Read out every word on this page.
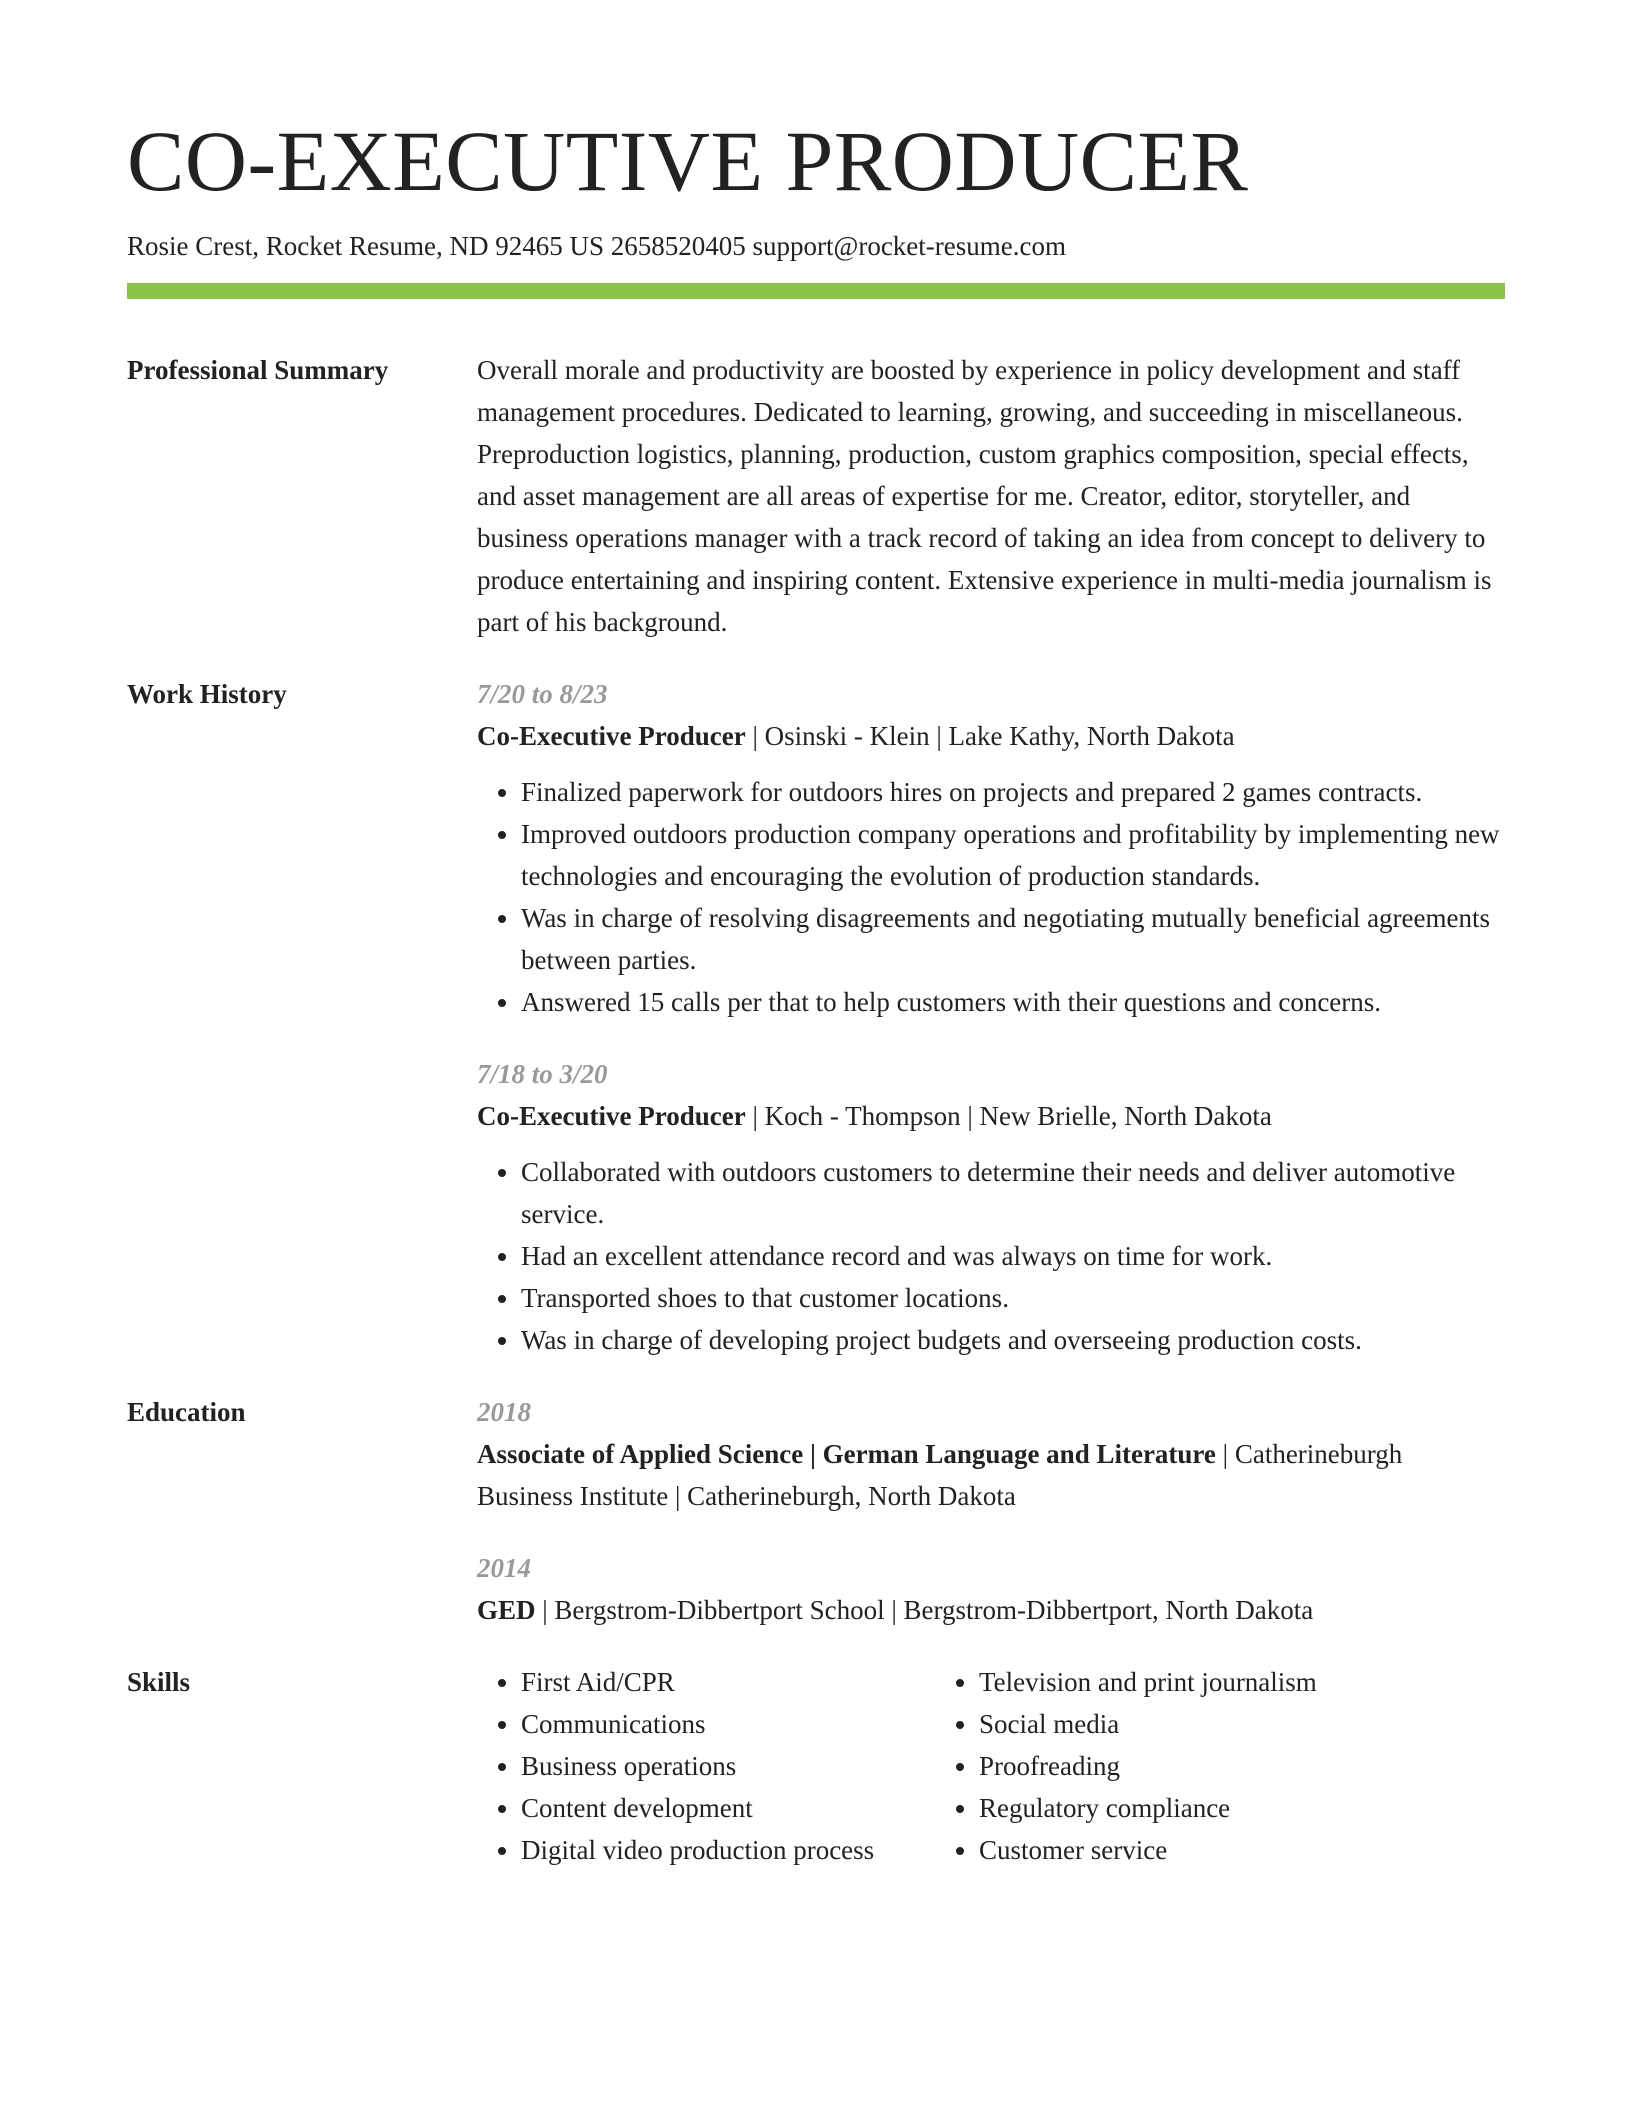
CO-EXECUTIVE PRODUCER
Rosie Crest, Rocket Resume, ND 92465 US 2658520405 support@rocket-resume.com
Professional Summary	Overall morale and productivity are boosted by experience in policy development and staff management procedures. Dedicated to learning, growing, and succeeding in miscellaneous. Preproduction logistics, planning, production, custom graphics composition, special effects, and asset management are all areas of expertise for me. Creator, editor, storyteller, and business operations manager with a track record of taking an idea from concept to delivery to produce entertaining and inspiring content. Extensive experience in multi-media journalism is part of his background.
Work History	7/20 to 8/23
Co-Executive Producer | Osinski - Klein | Lake Kathy, North Dakota
• Finalized paperwork for outdoors hires on projects and prepared 2 games contracts.
• Improved outdoors production company operations and profitability by implementing new technologies and encouraging the evolution of production standards.
• Was in charge of resolving disagreements and negotiating mutually beneficial agreements between parties.
• Answered 15 calls per that to help customers with their questions and concerns.
7/18 to 3/20
Co-Executive Producer | Koch - Thompson | New Brielle, North Dakota
• Collaborated with outdoors customers to determine their needs and deliver automotive service.
• Had an excellent attendance record and was always on time for work.
• Transported shoes to that customer locations.
• Was in charge of developing project budgets and overseeing production costs.
Education	2018
Associate of Applied Science | German Language and Literature | Catherineburgh Business Institute | Catherineburgh, North Dakota
2014
GED | Bergstrom-Dibbertport School | Bergstrom-Dibbertport, North Dakota
Skills
•	First Aid/CPR
• Communications
• Business operations
• Content development
• Digital video production process
• Television and print journalism
• Social media
• Proofreading
• Regulatory compliance
• Customer service
